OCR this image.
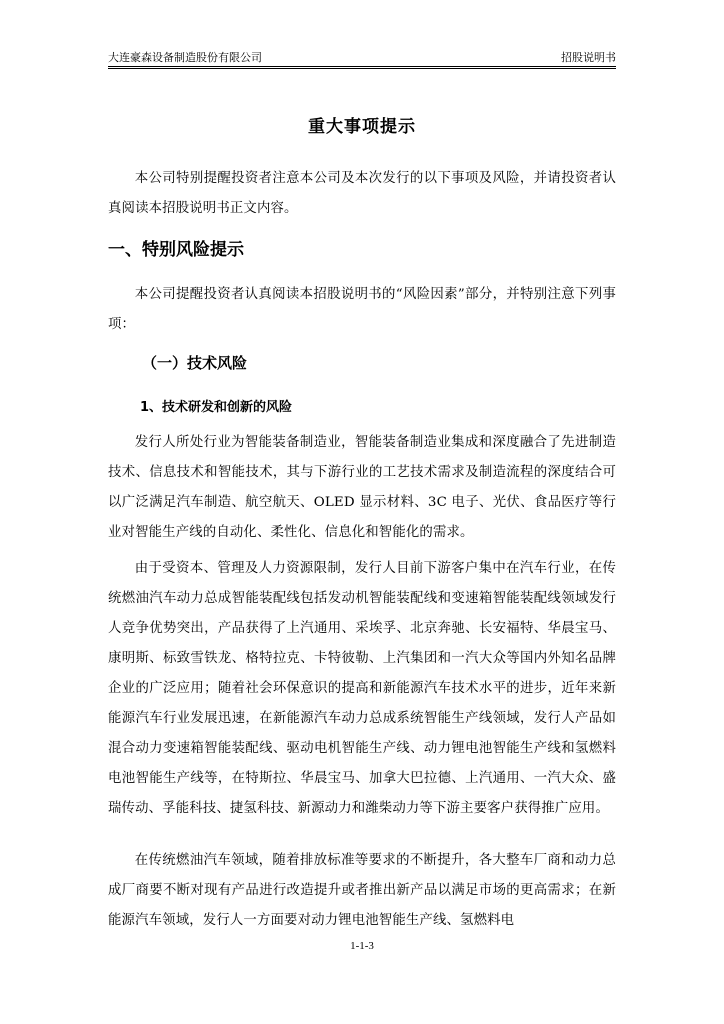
大连豪森设备制造股份有限公司	招股说明书
重大事项提示

本公司特别提醒投资者注意本公司及本次发行的以下事项及风险，并请投资者认真阅读本招股说明书正文内容。

一、特别风险提示

本公司提醒投资者认真阅读本招股说明书的“风险因素”部分，并特别注意下列事项：

（一）技术风险
1、技术研发和创新的风险

发行人所处行业为智能装备制造业，智能装备制造业集成和深度融合了先进制造技术、信息技术和智能技术，其与下游行业的工艺技术需求及制造流程的深度结合可以广泛满足汽车制造、航空航天、OLED 显示材料、3C 电子、光伏、食品医疗等行业对智能生产线的自动化、柔性化、信息化和智能化的需求。

由于受资本、管理及人力资源限制，发行人目前下游客户集中在汽车行业，在传统燃油汽车动力总成智能装配线包括发动机智能装配线和变速箱智能装配线领域发行人竞争优势突出，产品获得了上汽通用、采埃孚、北京奔驰、长安福特、华晨宝马、康明斯、标致雪铁龙、格特拉克、卡特彼勒、上汽集团和一汽大众等国内外知名品牌企业的广泛应用；随着社会环保意识的提高和新能源汽车技术水平的进步，近年来新能源汽车行业发展迅速，在新能源汽车动力总成系统智能生产线领域，发行人产品如混合动力变速箱智能装配线、驱动电机智能生产线、动力锂电池智能生产线和氢燃料电池智能生产线等，在特斯拉、华晨宝马、加拿大巴拉德、上汽通用、一汽大众、盛瑞传动、孚能科技、捷氢科技、新源动力和潍柴动力等下游主要客户获得推广应用。

在传统燃油汽车领域，随着排放标准等要求的不断提升，各大整车厂商和动力总成厂商要不断对现有产品进行改造提升或者推出新产品以满足市场的更高需求；在新能源汽车领域，发行人一方面要对动力锂电池智能生产线、氢燃料电

1-1-3
